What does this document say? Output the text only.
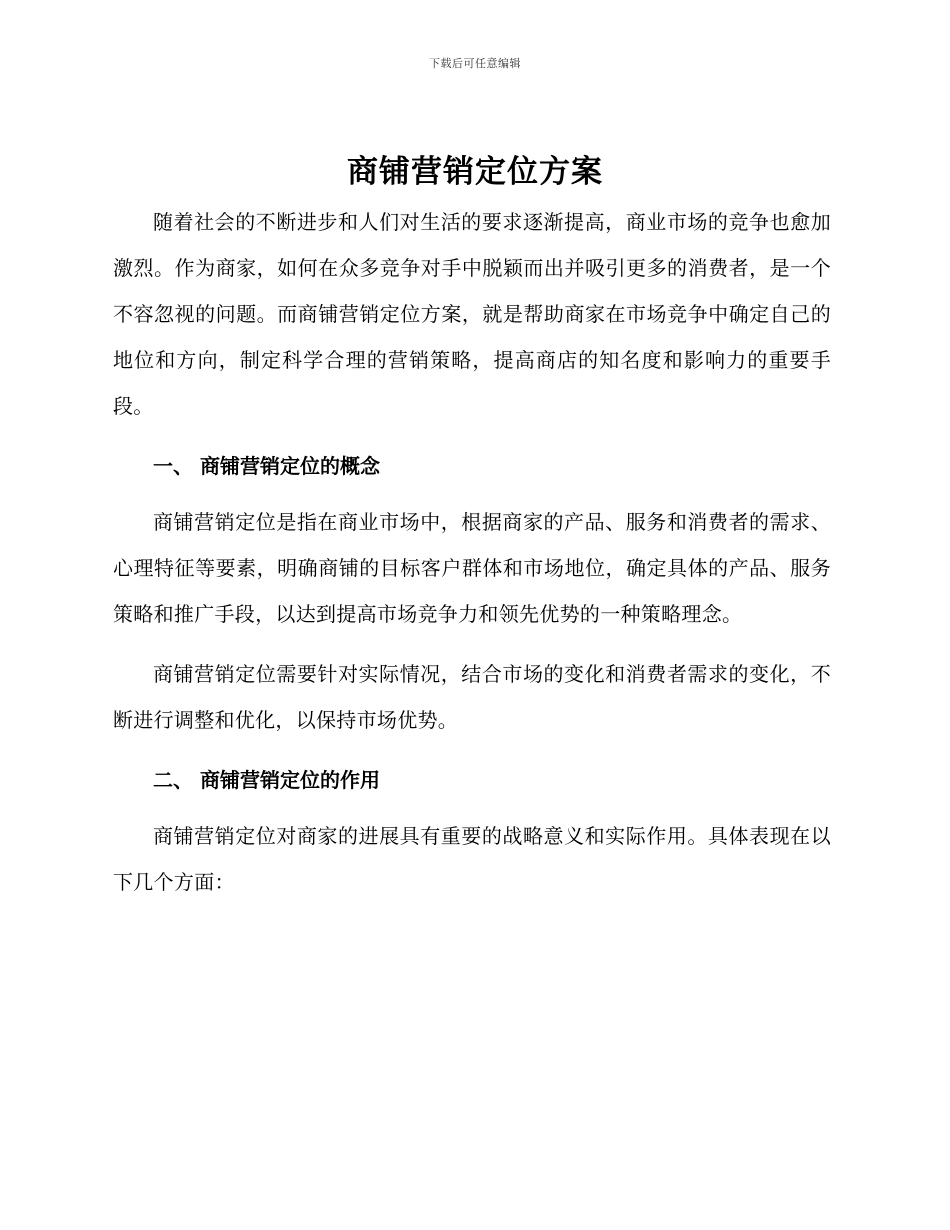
下载后可任意编辑
商铺营销定位方案

随着社会的不断进步和人们对生活的要求逐渐提高，商业市场的竞争也愈加激烈。作为商家，如何在众多竞争对手中脱颖而出并吸引更多的消费者，是一个不容忽视的问题。而商铺营销定位方案，就是帮助商家在市场竞争中确定自己的地位和方向，制定科学合理的营销策略，提高商店的知名度和影响力的重要手段。

一、 商铺营销定位的概念

商铺营销定位是指在商业市场中，根据商家的产品、服务和消费者的需求、心理特征等要素，明确商铺的目标客户群体和市场地位，确定具体的产品、服务策略和推广手段，以达到提高市场竞争力和领先优势的一种策略理念。

商铺营销定位需要针对实际情况，结合市场的变化和消费者需求的变化，不断进行调整和优化，以保持市场优势。

二、 商铺营销定位的作用

商铺营销定位对商家的进展具有重要的战略意义和实际作用。具体表现在以下几个方面：
